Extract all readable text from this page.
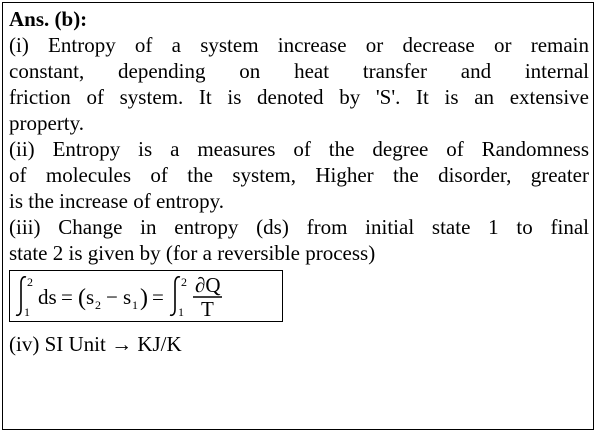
Ans. (b):

(i) Entropy of a system increase or decrease or remain
constant, depending on heat transfer and internal
friction of system. It is denoted by 'S'. It is an extensive
property.
(ii) Entropy is a measures of the degree of Randomness
of molecules of the system, Higher the disorder, greater
is the increase of entropy.
(iii) Change in entropy (ds) from initial state 1 to final
state 2 is given by (for a reversible process)
2
1
ds = ( s 2 − s 1 ) =
2
1
∂Q
T

(iv) SI Unit → KJ/K
